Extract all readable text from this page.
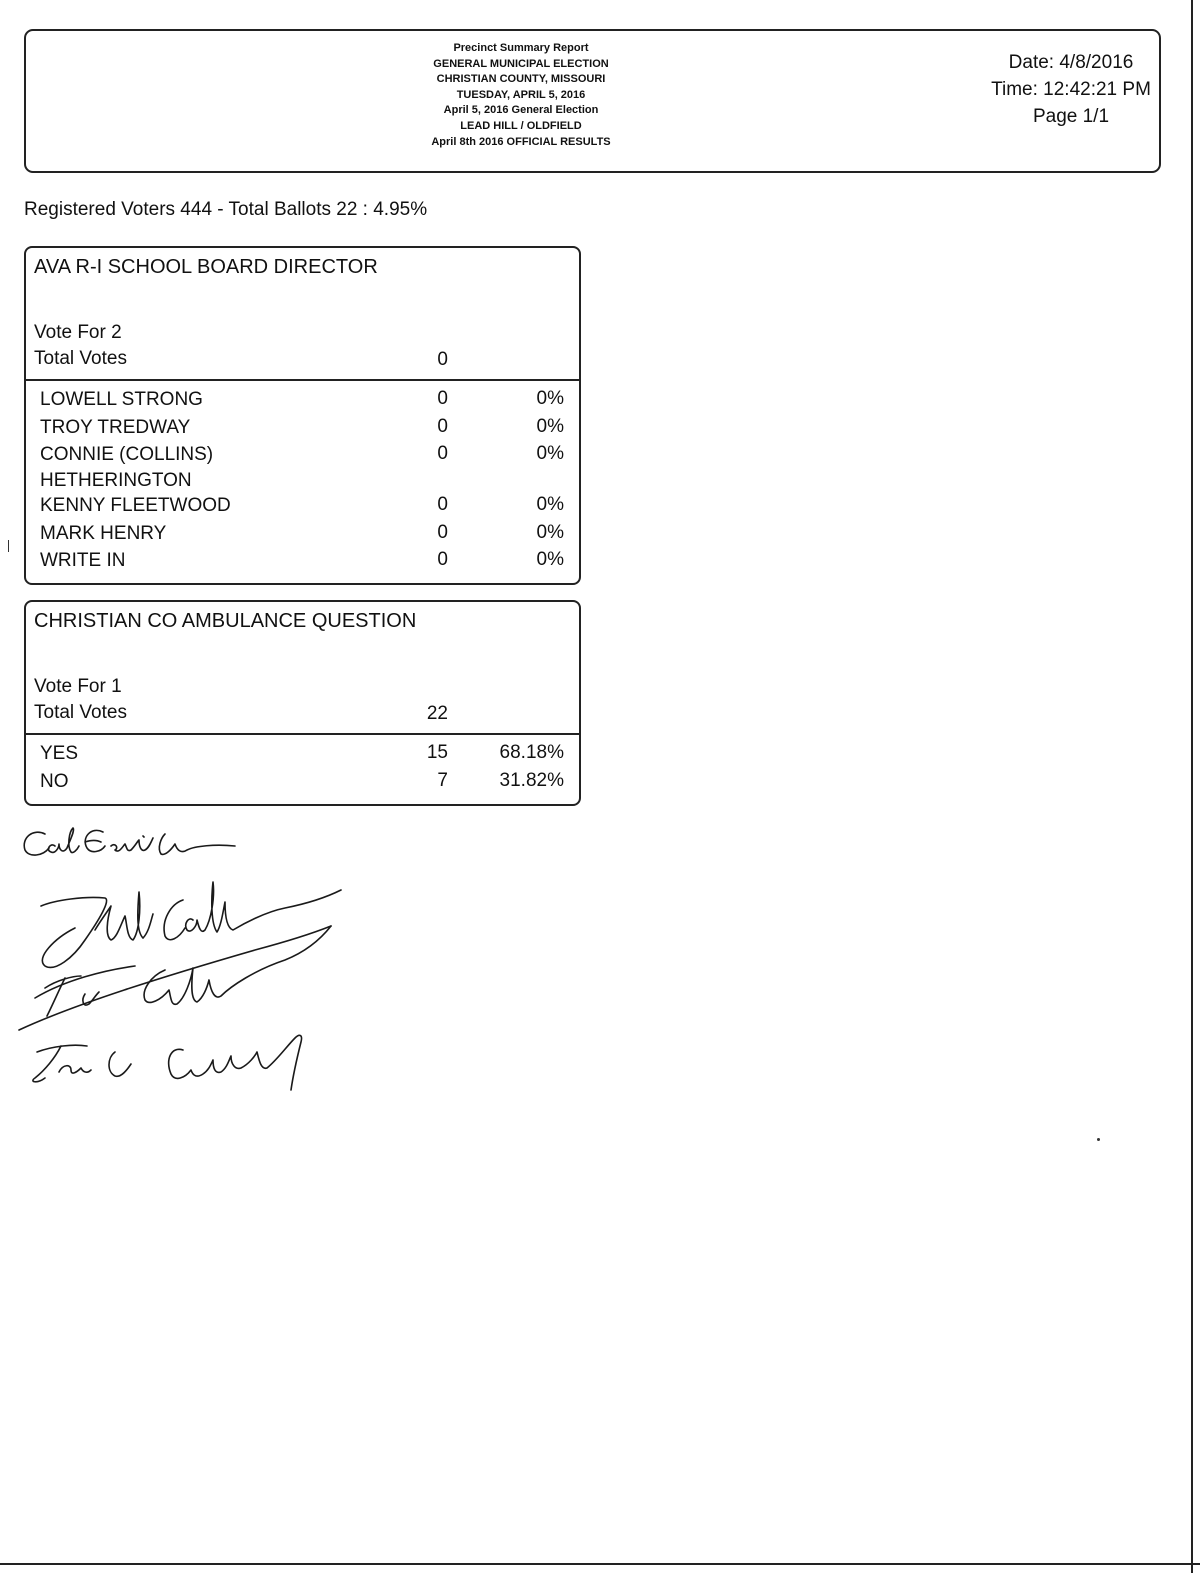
Precinct Summary Report
GENERAL MUNICIPAL ELECTION
CHRISTIAN COUNTY, MISSOURI
TUESDAY, APRIL 5, 2016
April 5, 2016 General Election
LEAD HILL / OLDFIELD
April 8th 2016 OFFICIAL RESULTS
Date: 4/8/2016
Time: 12:42:21 PM
Page 1/1
Registered Voters 444 - Total Ballots 22 : 4.95%
AVA R-I SCHOOL BOARD DIRECTOR
Vote For 2
Total Votes	0
LOWELL STRONG	0	0%
TROY TREDWAY	0	0%
CONNIE (COLLINS) HETHERINGTON
0	0%
KENNY FLEETWOOD	0	0%
MARK HENRY	0	0%
WRITE IN	0	0%
CHRISTIAN CO AMBULANCE QUESTION
Vote For 1
Total Votes	22
YES	15	68.18%
NO	7	31.82%
